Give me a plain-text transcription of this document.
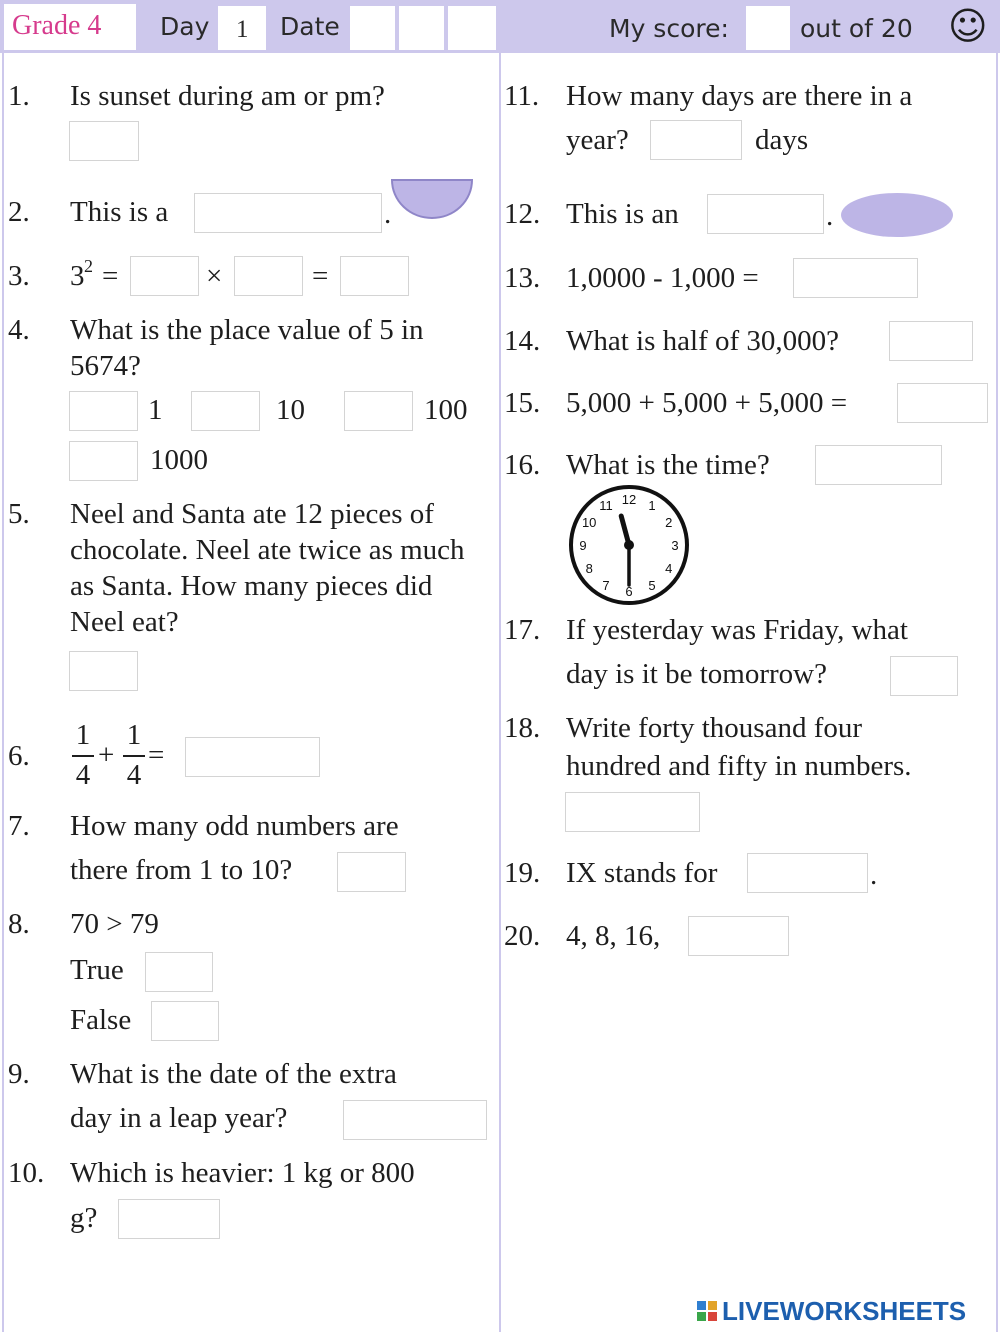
Grade 4 Day 1 Date	My score:	out of 20 ☺
1. Is sunset during am or pm?
2. This is a	.
3. 3 2 =	×	=
4. What is the place value of 5 in 5674?
1	10	100
1000
5. Neel and Santa ate 12 pieces of chocolate. Neel ate twice as much as Santa. How many pieces did Neel eat?
6.
1
4
+
1
4
=
7. How many odd numbers are
there from 1 to 10?
8. 70 > 79
True
False
9. What is the date of the extra
day in a leap year?
10. Which is heavier: 1 kg or 800
g?
11. How many days are there in a
year?	days
12. This is an	.
13. 1,0000 - 1,000 =
14. What is half of 30,000?
15. 5,000 + 5,000 + 5,000 =
16. What is the time?
12 1
2
3
4
5
6
7
8
9
10
11
17. If yesterday was Friday, what
day is it be tomorrow?
18. Write forty thousand four
hundred and fifty in numbers.
19. IX stands for	.
20. 4, 8, 16,
LIVE WORKSHEETS
